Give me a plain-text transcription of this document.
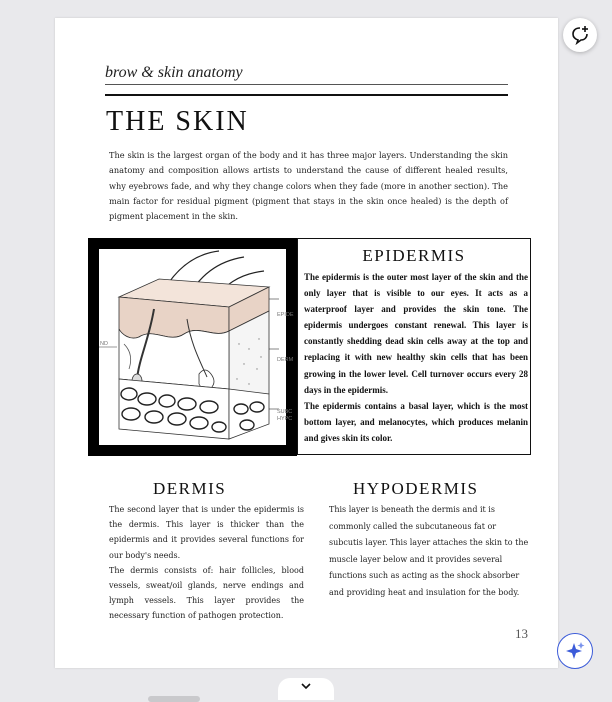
brow & skin anatomy
THE SKIN

The skin is the largest organ of the body and it has three major layers. Understanding the skin anatomy and composition allows artists to understand the cause of different healed results, why eyebrows fade, and why they change colors when they fade (more in another section). The main factor for residual pigment (pigment that stays in the skin once healed) is the depth of pigment placement in the skin.

EPIDE
DERM
SUBC
HYPC
ND
EPIDERMIS

The epidermis is the outer most layer of the skin and the only layer that is visible to our eyes. It acts as a waterproof layer and provides the skin tone. The epidermis undergoes constant renewal. This layer is constantly shedding dead skin cells away at the top and replacing it with new healthy skin cells that has been growing in the lower level. Cell turnover occurs every 28 days in the epidermis.
The epidermis contains a basal layer, which is the most bottom layer, and melanocytes, which produces melanin and gives skin its color.

DERMIS

The second layer that is under the epidermis is the dermis. This layer is thicker than the epidermis and it provides several functions for our body's needs.
The dermis consists of: hair follicles, blood vessels, sweat/oil glands, nerve endings and lymph vessels. This layer provides the necessary function of pathogen protection.

HYPODERMIS

This layer is beneath the dermis and it is commonly called the subcutaneous fat or subcutis layer. This layer attaches the skin to the muscle layer below and it provides several functions such as acting as the shock absorber and providing heat and insulation for the body.

13
